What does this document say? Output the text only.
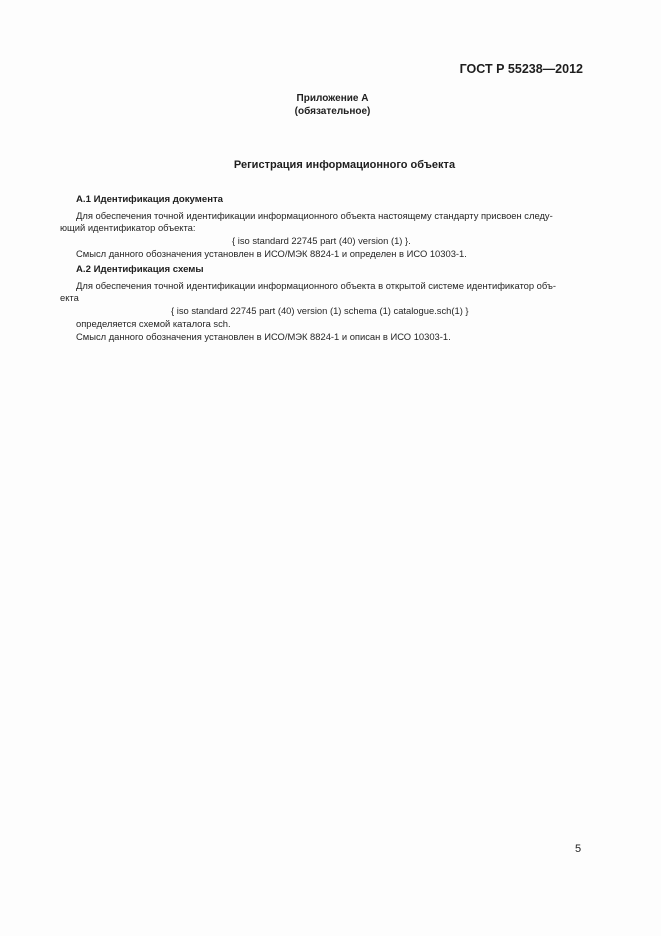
ГОСТ Р 55238—2012
Приложение А
(обязательное)
Регистрация информационного объекта
А.1 Идентификация документа
Для обеспечения точной идентификации информационного объекта настоящему стандарту присвоен следу-
ющий идентификатор объекта:
{ iso standard 22745 part (40) version (1) }.
Смысл данного обозначения установлен в ИСО/МЭК 8824-1 и определен в ИСО 10303-1.
А.2 Идентификация схемы
Для обеспечения точной идентификации информационного объекта в открытой системе идентификатор объ-
екта
{ iso standard 22745 part (40) version (1) schema (1) catalogue.sch(1) }
определяется схемой каталога sch.
Смысл данного обозначения установлен в ИСО/МЭК 8824-1 и описан в ИСО 10303-1.
5
